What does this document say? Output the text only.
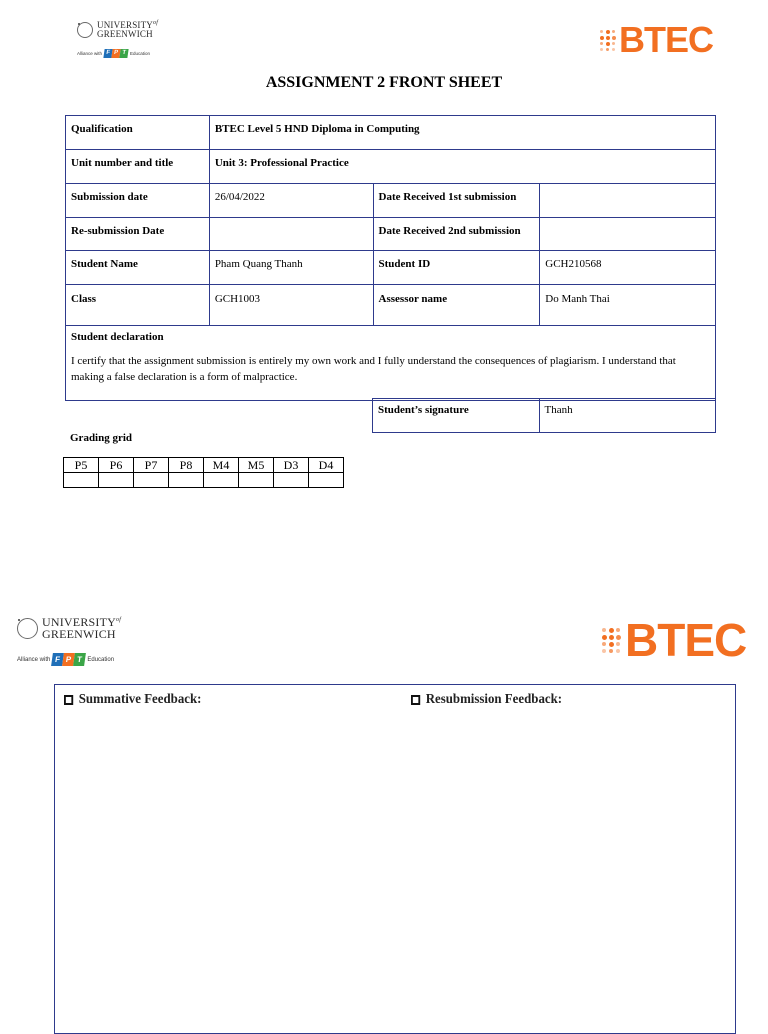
$UNIVERSITY^{of}$
GREENWICH
Alliance with F P T Education	BTEC
ASSIGNMENT 2 FRONT SHEET
Qualification	BTEC Level 5 HND Diploma in Computing		
Unit number and title	Unit 3: Professional Practice		
Submission date	26/04/2022	Date Received 1st submission	
Re-submission Date		Date Received 2nd submission	
Student Name	Pham Quang Thanh	Student ID	GCH210568
Class	GCH1003	Assessor name	Do Manh Thai

Student declaration
I certify that the assignment submission is entirely my own work and I fully understand the consequences of plagiarism. I understand that making a false declaration is a form of malpractice.			
Student’s signature	Thanh
Grading grid
P5	P6	P7	P8	M4	M5	D3	D4

$UNIVERSITY^{of}$
GREENWICH
Alliance with F P T Education	BTEC
Summative Feedback:	Resubmission Feedback:
